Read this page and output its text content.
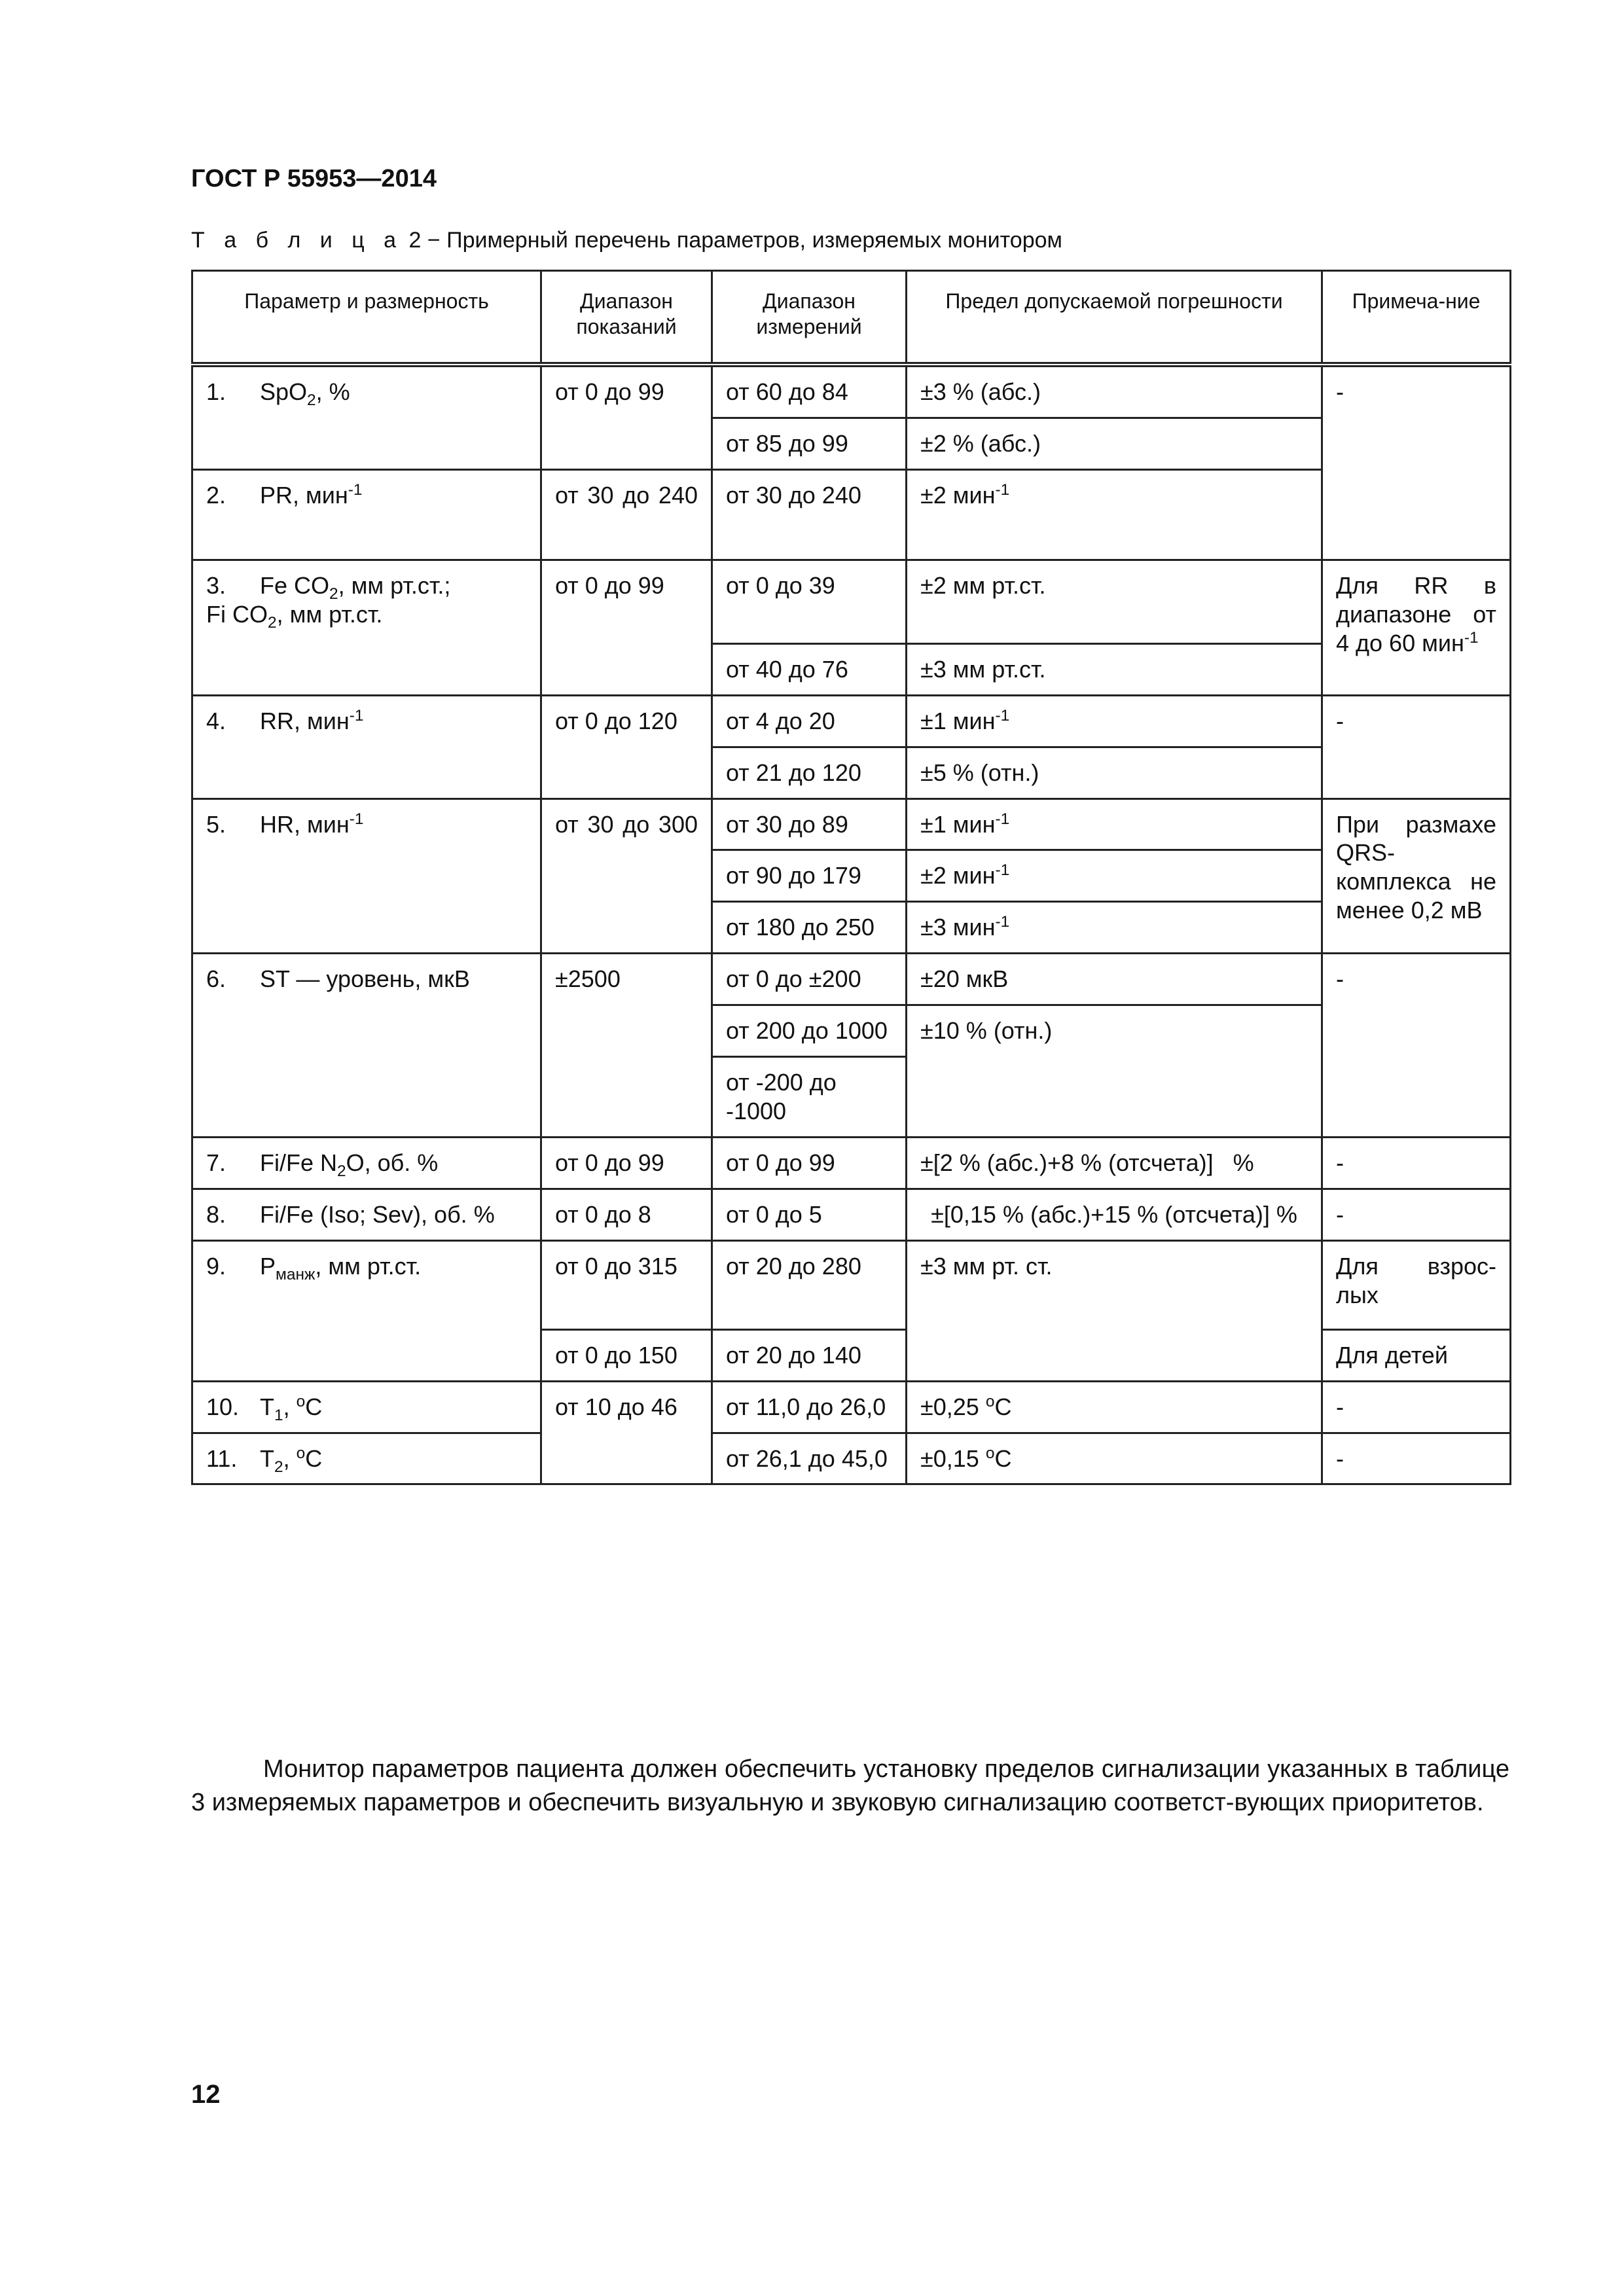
ГОСТ Р 55953—2014
Т а б л и ц а 2 − Примерный перечень параметров, измеряемых монитором
Параметр и размерность	Диапазон показаний	Диапазон измерений	Предел допускаемой погрешности	Примеча-ние
1. SpO$_2$, %	от 0 до 99	от 60 до 84	±3 % (абс.)	-
		от 85 до 99	±2 % (абс.)	
2. PR, мин$^{-1}$	от 30 до 240	от 30 до 240	±2 мин$^{-1}$
3. Fe $CO_2$, мм рт.ст.;
Fi $CO_2$, мм рт.ст.	от 0 до 99	от 0 до 39	±2 мм рт.ст.	Для RR в диапазоне от 4 до 60 мин$^{-1}$
		от 40 до 76	±3 мм рт.ст.	
4. RR, мин$^{-1}$	от 0 до 120	от 4 до 20	±1 мин$^{-1}$	-
		от 21 до 120	±5 % (отн.)	
5. HR, мин$^{-1}$	от 30 до 300	от 30 до 89	±1 мин$^{-1}$	При размахе QRS-комплекса не менее 0,2 мВ
		от 90 до 179	±2 мин$^{-1}$
		от 180 до 250	±3 мин$^{-1}$
6. ST — уровень, мкВ	±2500	от 0 до ±200	±20 мкВ	-
		от 200 до 1000	±10 % (отн.)	
		от -200 до -1000		
7. Fi/Fe $N_2O$, об. %	от 0 до 99	от 0 до 99	±[2 % (абс.)+8 % (отсчета)]   %	-
8. Fi/Fe (Iso; Sev), об. %	от 0 до 8	от 0 до 5	±[0,15 % (абс.)+15 % (отсчета)] %	-
9. $P_{манж}$, мм рт.ст.	от 0 до 315	от 20 до 280	±3 мм рт. ст.	Для взрос-лых
	от 0 до 150	от 20 до 140		Для детей
10. $T_1$, $^o$C	от 10 до 46	от 11,0 до 26,0	±0,25 $^o$C	-
11. $T_2$, $^o$C		от 26,1 до 45,0	±0,15 $^o$C	-

Монитор параметров пациента должен обеспечить установку пределов сигнализации указанных в таблице 3 измеряемых параметров и обеспечить визуальную и звуковую сигнализацию соответст-вующих приоритетов.

12
